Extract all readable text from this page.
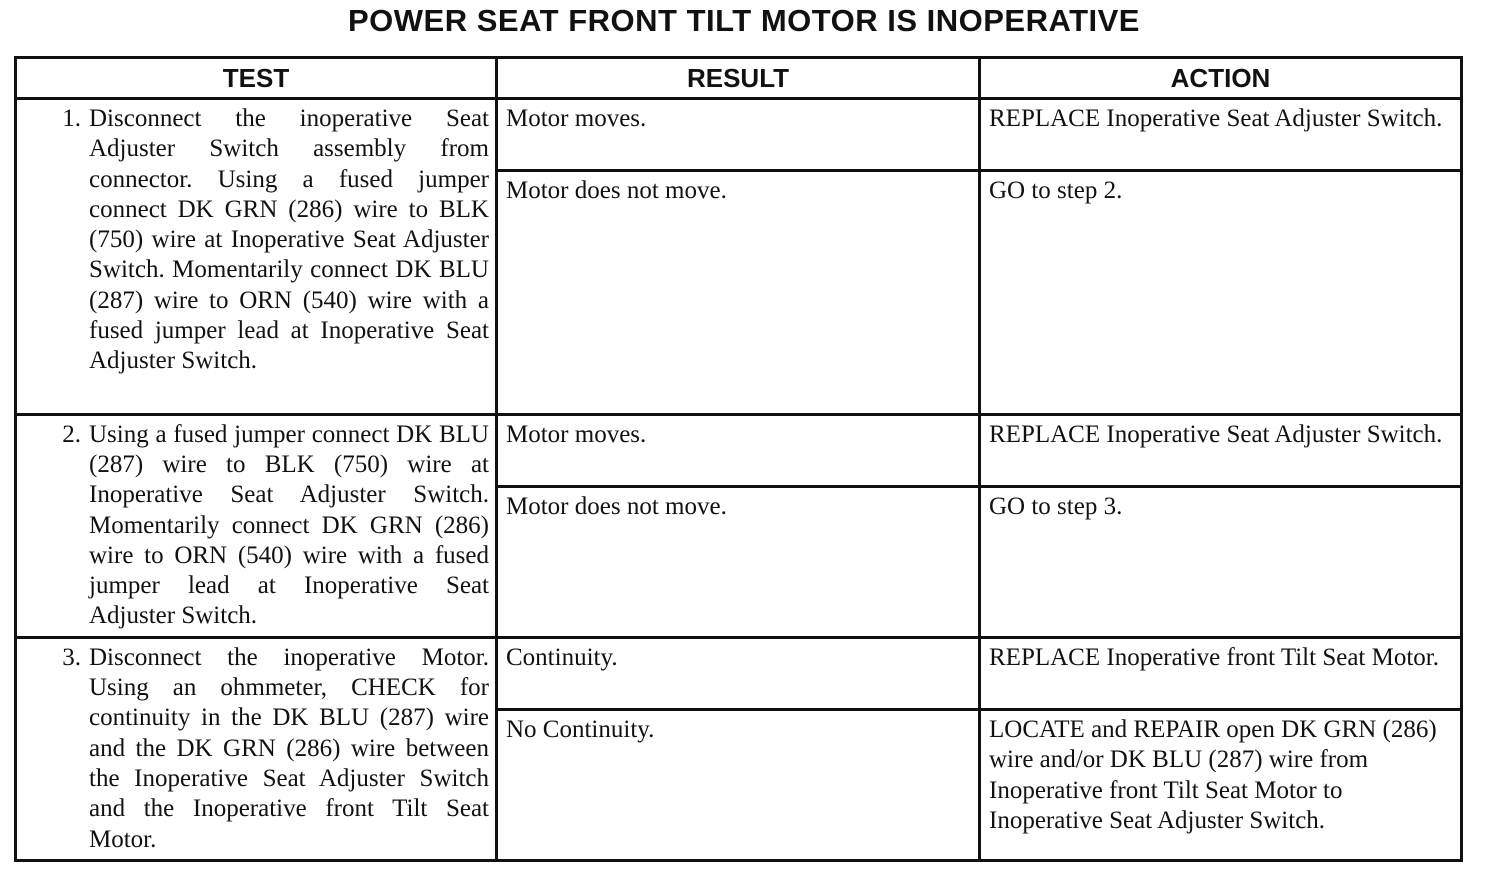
POWER SEAT FRONT TILT MOTOR IS INOPERATIVE
TEST	RESULT	ACTION

1. Disconnect the inoperative Seat Adjuster Switch assembly from connector. Using a fused jumper connect DK GRN (286) wire to BLK (750) wire at Inoperative Seat Adjuster Switch. Momentarily connect DK BLU (287) wire to ORN (540) wire with a fused jumper lead at Inoperative Seat Adjuster Switch.	Motor moves.	REPLACE Inoperative Seat Adjuster Switch.

	Motor does not move.	GO to step 2.

2. Using a fused jumper connect DK BLU (287) wire to BLK (750) wire at Inoperative Seat Adjuster Switch. Momentarily connect DK GRN (286) wire to ORN (540) wire with a fused jumper lead at Inoperative Seat Adjuster Switch.	Motor moves.	REPLACE Inoperative Seat Adjuster Switch.

	Motor does not move.	GO to step 3.

3. Disconnect the inoperative Motor. Using an ohmmeter, CHECK for continuity in the DK BLU (287) wire and the DK GRN (286) wire between the Inoperative Seat Adjuster Switch and the Inoperative front Tilt Seat Motor.	Continuity.	REPLACE Inoperative front Tilt Seat Motor.

	No Continuity.	LOCATE and REPAIR open DK GRN (286) wire and/or DK BLU (287) wire from Inoperative front Tilt Seat Motor to Inoperative Seat Adjuster Switch.
